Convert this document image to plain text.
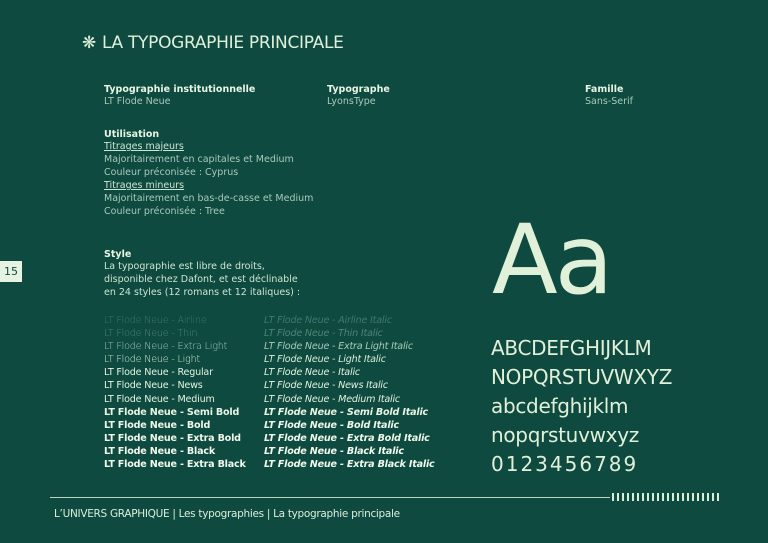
❋ LA TYPOGRAPHIE PRINCIPALE
Typographie institutionnelle
LT Flode Neue
Typographe
LyonsType
Famille
Sans-Serif
Utilisation
Titrages majeurs
Majoritairement en capitales et Medium
Couleur préconisée : Cyprus
Titrages mineurs
Majoritairement en bas-de-casse et Medium
Couleur préconisée : Tree
Style
La typographie est libre de droits,
disponible chez Dafont, et est déclinable
en 24 styles (12 romans et 12 italiques) :
15
LT Flode Neue - Airline
LT Flode Neue - Thin
LT Flode Neue - Extra Light
LT Flode Neue - Light
LT Flode Neue - Regular
LT Flode Neue - News
LT Flode Neue - Medium
LT Flode Neue - Semi Bold
LT Flode Neue - Bold
LT Flode Neue - Extra Bold
LT Flode Neue - Black
LT Flode Neue - Extra Black
LT Flode Neue - Airline Italic
LT Flode Neue - Thin Italic
LT Flode Neue - Extra Light Italic
LT Flode Neue - Light Italic
LT Flode Neue - Italic
LT Flode Neue - News Italic
LT Flode Neue - Medium Italic
LT Flode Neue - Semi Bold Italic
LT Flode Neue - Bold Italic
LT Flode Neue - Extra Bold Italic
LT Flode Neue - Black Italic
LT Flode Neue - Extra Black Italic
Aa
ABCDEFGHIJKLM
NOPQRSTUVWXYZ
abcdefghijklm
nopqrstuvwxyz
0123456789
L’UNIVERS GRAPHIQUE | Les typographies | La typographie principale
